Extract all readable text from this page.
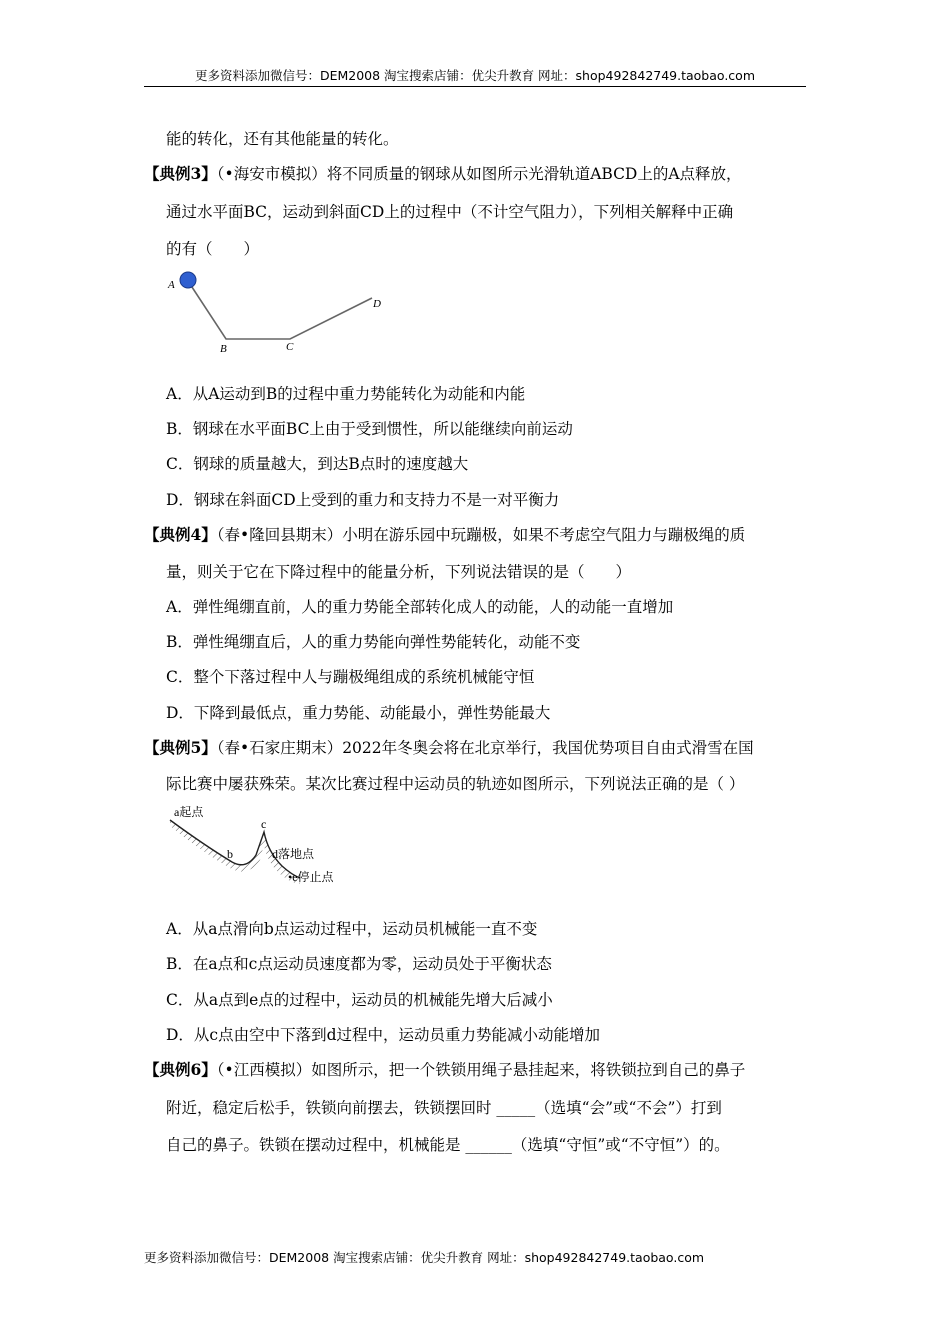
更多资料添加微信号：DEM2008 淘宝搜索店铺：优尖升教育 网址：shop492842749.taobao.com
能的转化，还有其他能量的转化。
【典例3】（•海安市模拟）将不同质量的钢球从如图所示光滑轨道ABCD上的A点释放，
通过水平面BC，运动到斜面CD上的过程中（不计空气阻力），下列相关解释中正确
的有（　　）
A
B	C
D
A．从A运动到B的过程中重力势能转化为动能和内能
B．钢球在水平面BC上由于受到惯性，所以能继续向前运动
C．钢球的质量越大，到达B点时的速度越大
D．钢球在斜面CD上受到的重力和支持力不是一对平衡力
【典例4】（春•隆回县期末）小明在游乐园中玩蹦极，如果不考虑空气阻力与蹦极绳的质
量，则关于它在下降过程中的能量分析，下列说法错误的是（　　）
A．弹性绳绷直前，人的重力势能全部转化成人的动能，人的动能一直增加
B．弹性绳绷直后，人的重力势能向弹性势能转化，动能不变
C．整个下落过程中人与蹦极绳组成的系统机械能守恒
D．下降到最低点，重力势能、动能最小，弹性势能最大
【典例5】（春•石家庄期末）2022年冬奥会将在北京举行，我国优势项目自由式滑雪在国
际比赛中屡获殊荣。某次比赛过程中运动员的轨迹如图所示，下列说法正确的是（ ）
a起点
b
c
d落地点
•e停止点
A．从a点滑向b点运动过程中，运动员机械能一直不变
B．在a点和c点运动员速度都为零，运动员处于平衡状态
C．从a点到e点的过程中，运动员的机械能先增大后减小
D．从c点由空中下落到d过程中，运动员重力势能减小动能增加
【典例6】（•江西模拟）如图所示，把一个铁锁用绳子悬挂起来，将铁锁拉到自己的鼻子
附近，稳定后松手，铁锁向前摆去，铁锁摆回时 _____（选填“会”或“不会”）打到
自己的鼻子。铁锁在摆动过程中，机械能是 ______（选填“守恒”或“不守恒”）的。
更多资料添加微信号：DEM2008 淘宝搜索店铺：优尖升教育 网址：shop492842749.taobao.com
